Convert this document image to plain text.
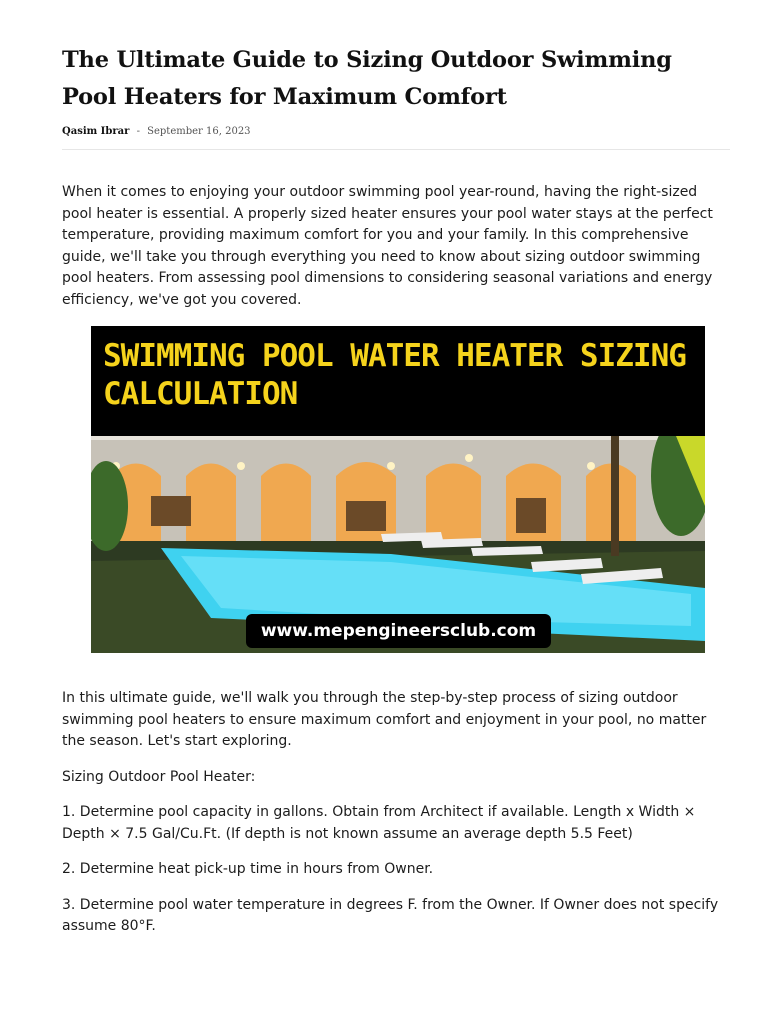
The Ultimate Guide to Sizing Outdoor Swimming Pool Heaters for Maximum Comfort
Qasim Ibrar - September 16, 2023

When it comes to enjoying your outdoor swimming pool year-round, having the right-sized pool heater is essential. A properly sized heater ensures your pool water stays at the perfect temperature, providing maximum comfort for you and your family. In this comprehensive guide, we'll take you through everything you need to know about sizing outdoor swimming pool heaters. From assessing pool dimensions to considering seasonal variations and energy efficiency, we've got you covered.

SWIMMING POOL WATER HEATER SIZING
CALCULATION
www.mepengineersclub.com

In this ultimate guide, we'll walk you through the step-by-step process of sizing outdoor swimming pool heaters to ensure maximum comfort and enjoyment in your pool, no matter the season. Let's start exploring.

Sizing Outdoor Pool Heater:

1. Determine pool capacity in gallons. Obtain from Architect if available. Length x Width × Depth × 7.5 Gal/Cu.Ft. (If depth is not known assume an average depth 5.5 Feet)

2. Determine heat pick-up time in hours from Owner.

3. Determine pool water temperature in degrees F. from the Owner. If Owner does not specify assume 80°F.
